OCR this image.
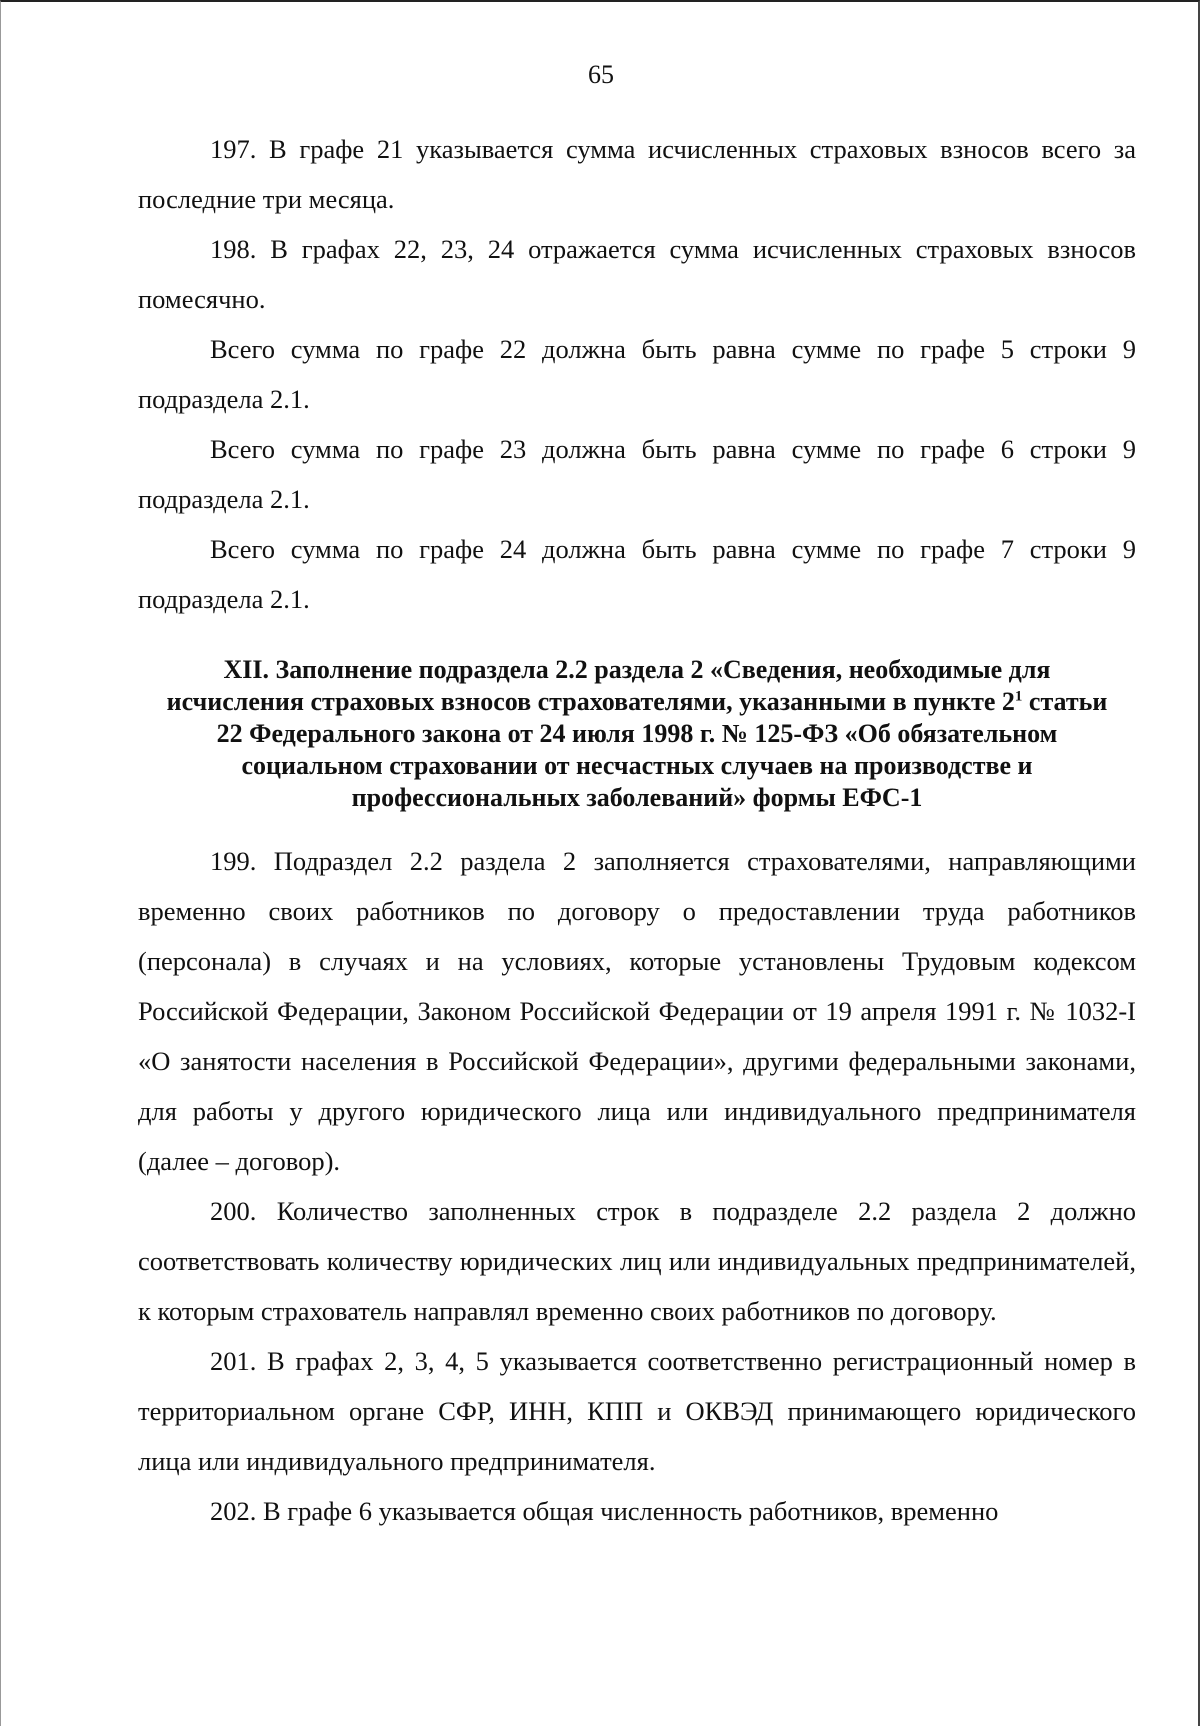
65

197. В графе 21 указывается сумма исчисленных страховых взносов всего за последние три месяца.

198. В графах 22, 23, 24 отражается сумма исчисленных страховых взносов помесячно.

Всего сумма по графе 22 должна быть равна сумме по графе 5 строки 9 подраздела 2.1.

Всего сумма по графе 23 должна быть равна сумме по графе 6 строки 9 подраздела 2.1.

Всего сумма по графе 24 должна быть равна сумме по графе 7 строки 9 подраздела 2.1.

XII. Заполнение подраздела 2.2 раздела 2 «Сведения, необходимые для исчисления страховых взносов страхователями, указанными в пункте $2^1$ статьи 22 Федерального закона от 24 июля 1998 г. № 125-ФЗ «Об обязательном социальном страховании от несчастных случаев на производстве и профессиональных заболеваний» формы ЕФС-1

199. Подраздел 2.2 раздела 2 заполняется страхователями, направляющими временно своих работников по договору о предоставлении труда работников (персонала) в случаях и на условиях, которые установлены Трудовым кодексом Российской Федерации, Законом Российской Федерации от 19 апреля 1991 г. № 1032-I «О занятости населения в Российской Федерации», другими федеральными законами, для работы у другого юридического лица или индивидуального предпринимателя (далее – договор).

200. Количество заполненных строк в подразделе 2.2 раздела 2 должно соответствовать количеству юридических лиц или индивидуальных предпринимателей, к которым страхователь направлял временно своих работников по договору.

201. В графах 2, 3, 4, 5 указывается соответственно регистрационный номер в территориальном органе СФР, ИНН, КПП и ОКВЭД принимающего юридического лица или индивидуального предпринимателя.

202. В графе 6 указывается общая численность работников, временно
